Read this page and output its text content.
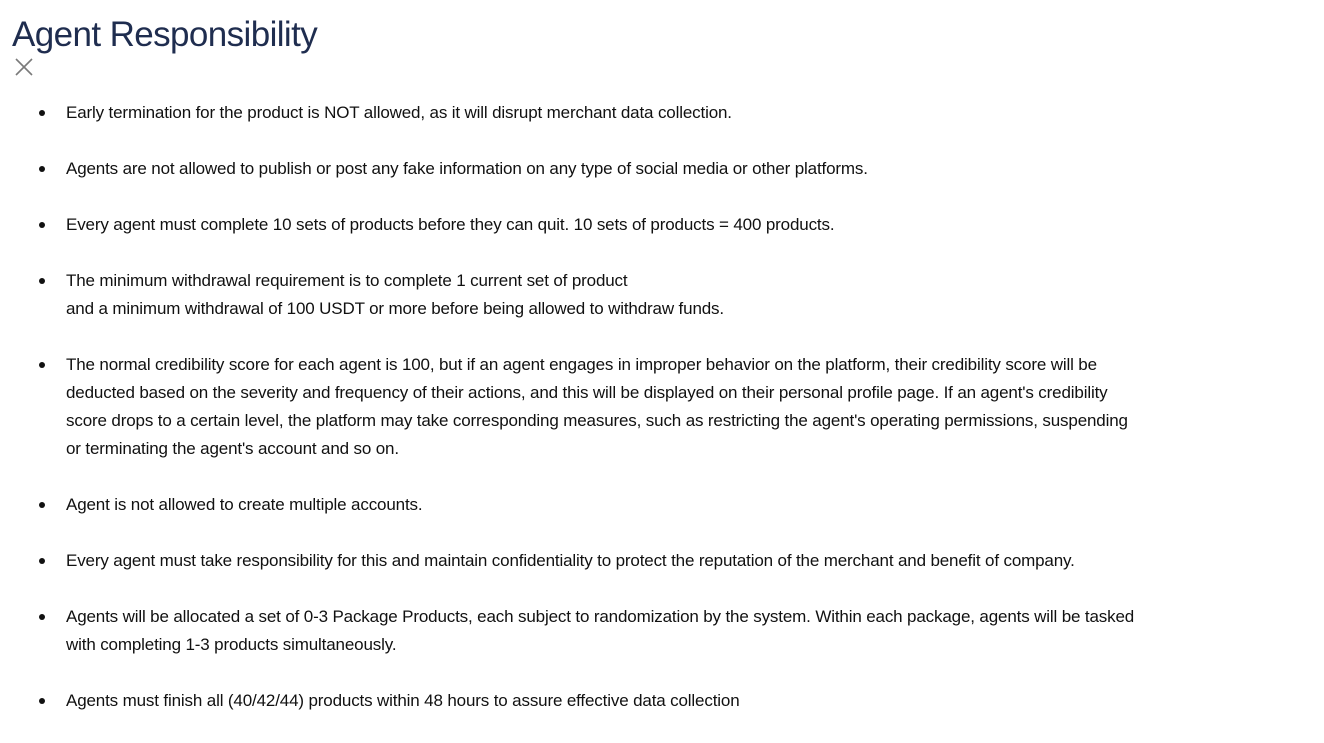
Agent Responsibility
Early termination for the product is NOT allowed, as it will disrupt merchant data collection.
Agents are not allowed to publish or post any fake information on any type of social media or other platforms.
Every agent must complete 10 sets of products before they can quit. 10 sets of products = 400 products.
The minimum withdrawal requirement is to complete 1 current set of product
and a minimum withdrawal of 100 USDT or more before being allowed to withdraw funds.
The normal credibility score for each agent is 100, but if an agent engages in improper behavior on the platform, their credibility score will be
deducted based on the severity and frequency of their actions, and this will be displayed on their personal profile page. If an agent's credibility
score drops to a certain level, the platform may take corresponding measures, such as restricting the agent's operating permissions, suspending
or terminating the agent's account and so on.
Agent is not allowed to create multiple accounts.
Every agent must take responsibility for this and maintain confidentiality to protect the reputation of the merchant and benefit of company.
Agents will be allocated a set of 0-3 Package Products, each subject to randomization by the system. Within each package, agents will be tasked
with completing 1-3 products simultaneously.
Agents must finish all (40/42/44) products within 48 hours to assure effective data collection
